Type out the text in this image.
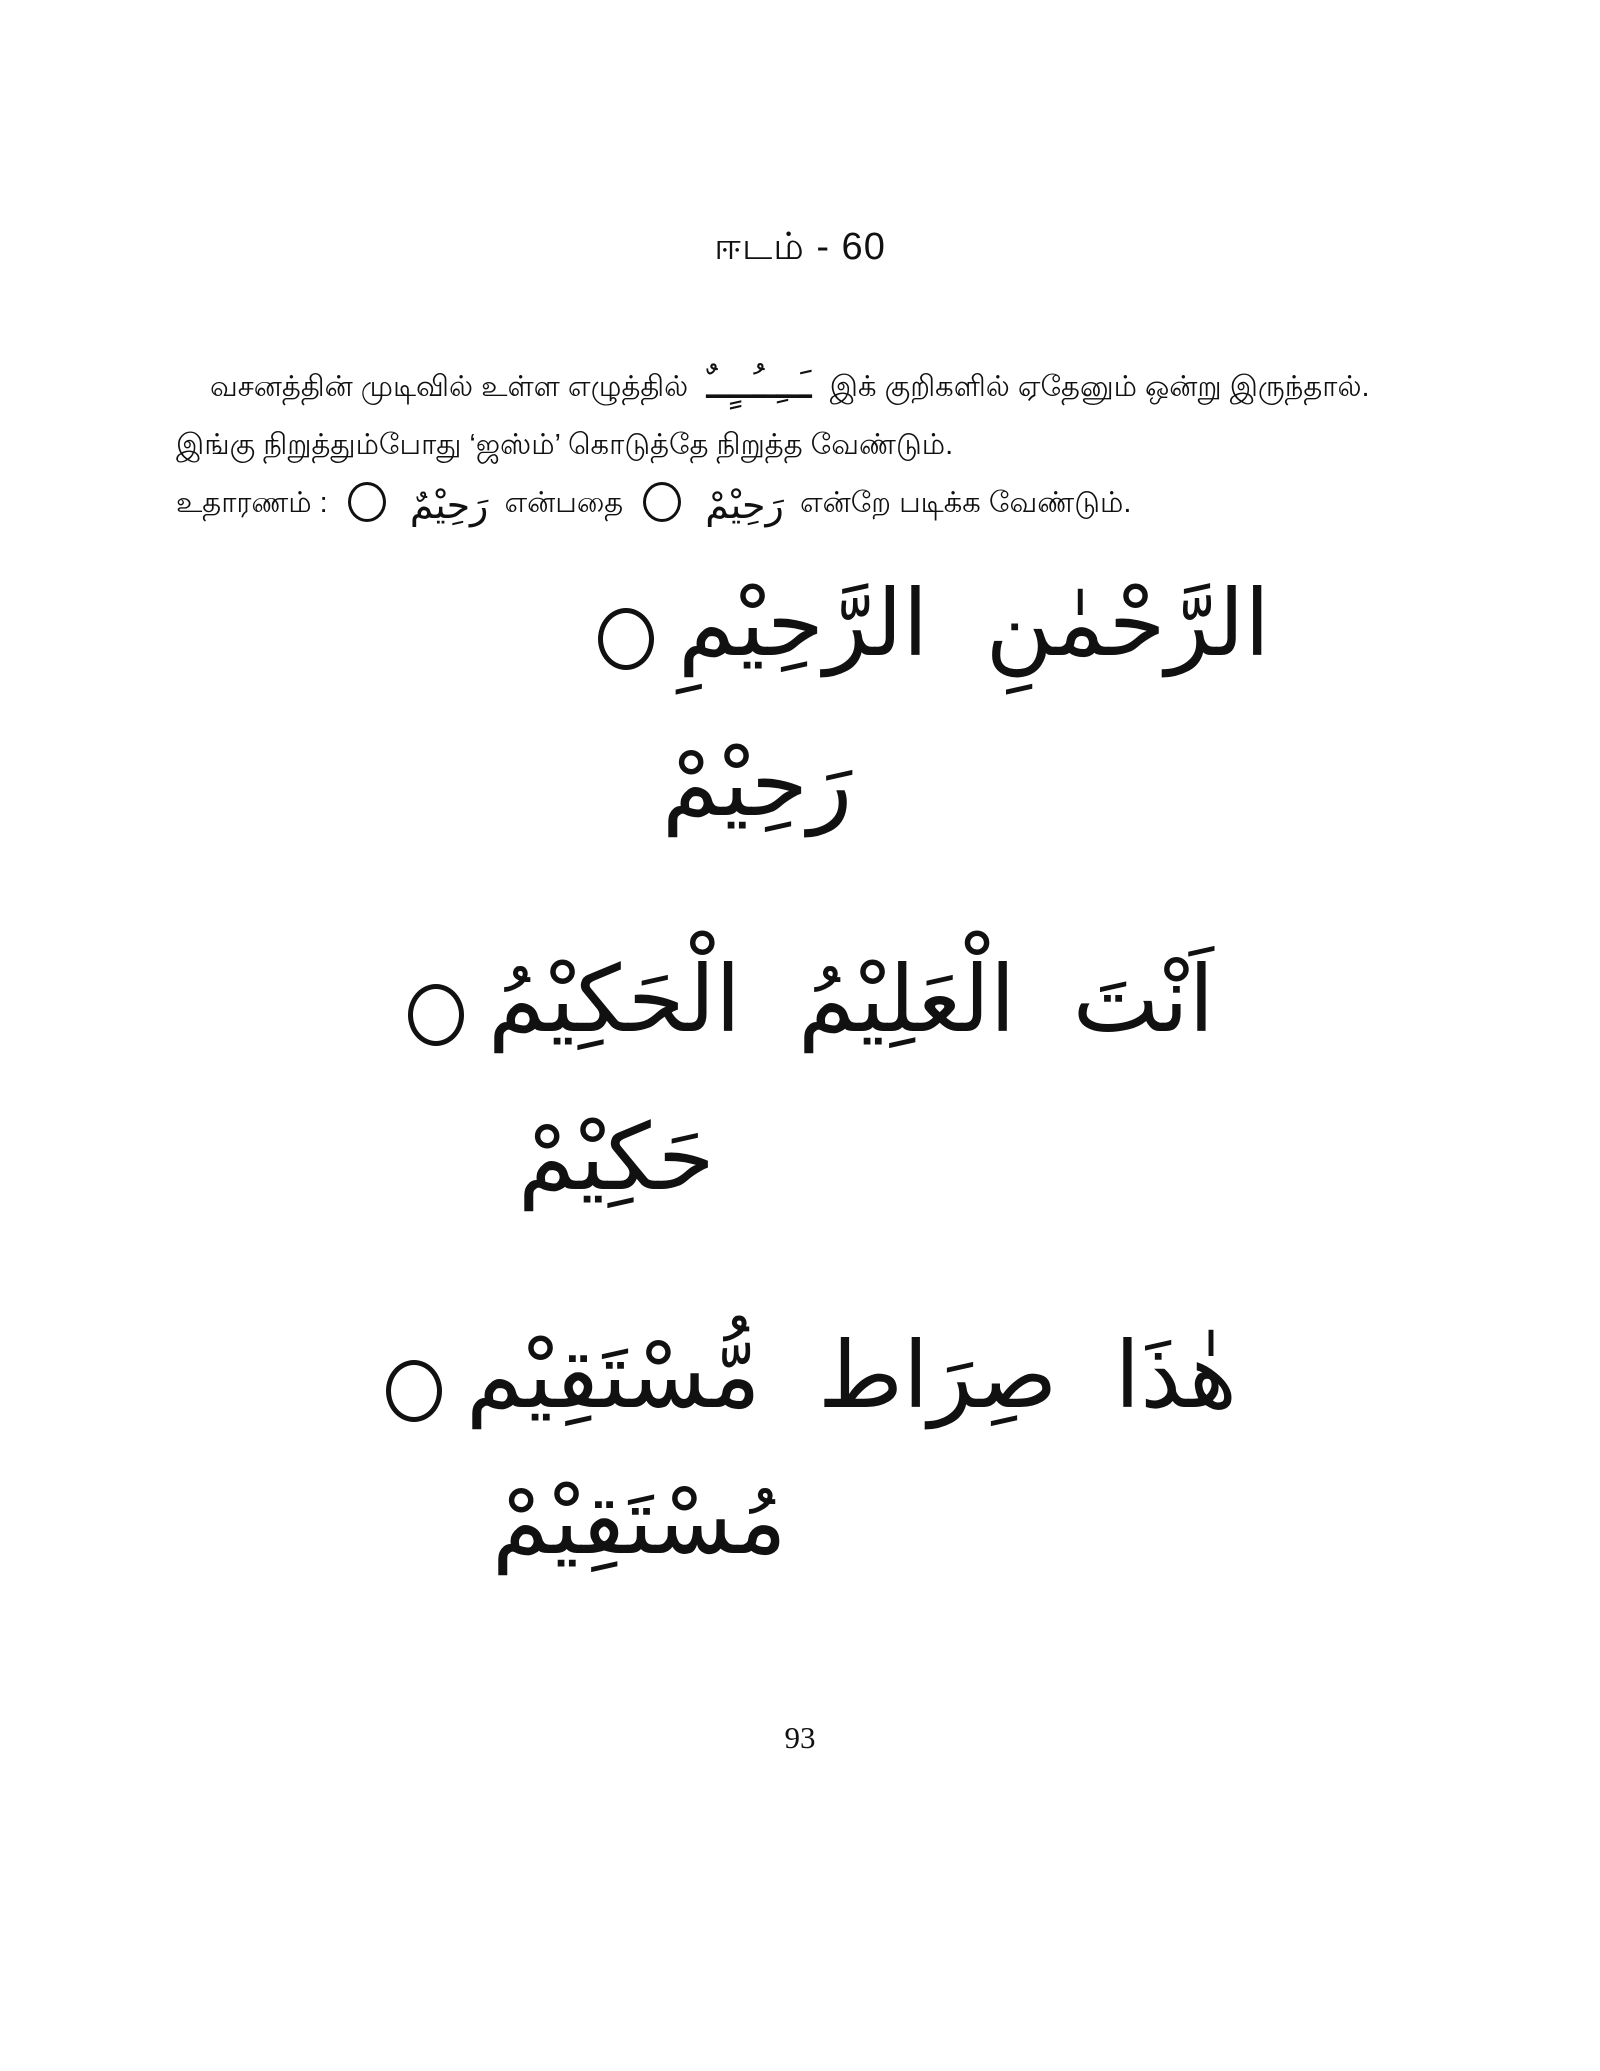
ஈடம் - 60
வசனத்தின் முடிவில் உள்ள எழுத்தில் ـَــِــُــٍــٌ இக் குறிகளில் ஏதேனும் ஒன்று இருந்தால்.
இங்கு நிறுத்தும்போது ‘ஜஸ்ம்’ கொடுத்தே நிறுத்த வேண்டும்.
உதாரணம் : رَحِيْمٌ என்பதை رَحِيْمْ என்றே படிக்க வேண்டும்.
الرَّحْمٰنِ الرَّحِيْمِ
رَحِيْمْ
اَنْتَ الْعَلِيْمُ الْحَكِيْمُ
حَكِيْمْ
هٰذَا صِرَاط مُّسْتَقِيْم
مُسْتَقِيْمْ
93
